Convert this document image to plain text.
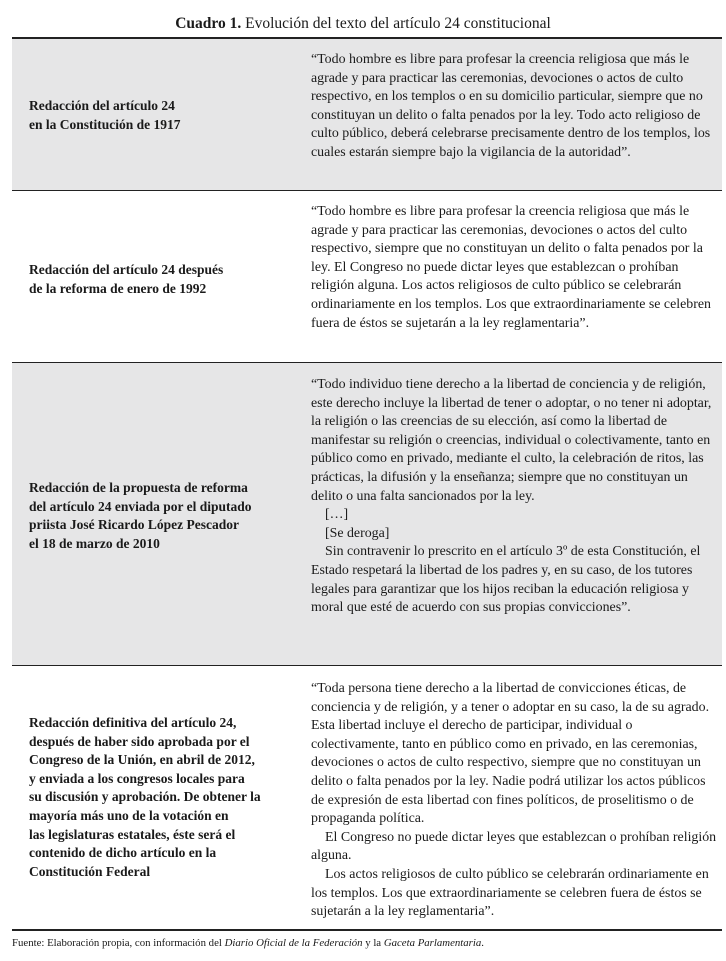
Cuadro 1. Evolución del texto del artículo 24 constitucional
Redacción del artículo 24
en la Constitución de 1917

“Todo hombre es libre para profesar la creencia religiosa que más le agrade y para practicar las ceremonias, devociones o actos de culto respectivo, en los templos o en su domicilio particular, siempre que no constituyan un delito o falta penados por la ley. Todo acto religioso de culto público, deberá celebrarse precisamente dentro de los templos, los cuales estarán siempre bajo la vigilancia de la autoridad”.

Redacción del artículo 24 después
de la reforma de enero de 1992

“Todo hombre es libre para profesar la creencia religiosa que más le agrade y para practicar las ceremonias, devociones o actos del culto respectivo, siempre que no constituyan un delito o falta penados por la ley. El Congreso no puede dictar leyes que establezcan o prohíban religión alguna. Los actos religiosos de culto público se celebrarán ordinariamente en los templos. Los que extraordinariamente se celebren fuera de éstos se sujetarán a la ley reglamentaria”.

Redacción de la propuesta de reforma
del artículo 24 enviada por el diputado
priista José Ricardo López Pescador
el 18 de marzo de 2010

“Todo individuo tiene derecho a la libertad de conciencia y de religión, este derecho incluye la libertad de tener o adoptar, o no tener ni adoptar, la religión o las creencias de su elección, así como la libertad de manifestar su religión o creencias, individual o colectivamente, tanto en público como en privado, mediante el culto, la celebración de ritos, las prácticas, la difusión y la enseñanza; siempre que no constituyan un delito o una falta sancionados por la ley.

[…]

[Se deroga]

Sin contravenir lo prescrito en el artículo 3º de esta Constitución, el Estado respetará la libertad de los padres y, en su caso, de los tutores legales para garantizar que los hijos reciban la educación religiosa y moral que esté de acuerdo con sus propias convicciones”.

Redacción definitiva del artículo 24,
después de haber sido aprobada por el
Congreso de la Unión, en abril de 2012,
y enviada a los congresos locales para
su discusión y aprobación. De obtener la
mayoría más uno de la votación en
las legislaturas estatales, éste será el
contenido de dicho artículo en la
Constitución Federal

“Toda persona tiene derecho a la libertad de convicciones éticas, de conciencia y de religión, y a tener o adoptar en su caso, la de su agrado. Esta libertad incluye el derecho de participar, individual o colectivamente, tanto en público como en privado, en las ceremonias, devociones o actos de culto respectivo, siempre que no constituyan un delito o falta penados por la ley. Nadie podrá utilizar los actos públicos de expresión de esta libertad con fines políticos, de proselitismo o de propaganda política.

El Congreso no puede dictar leyes que establezcan o prohíban religión alguna.

Los actos religiosos de culto público se celebrarán ordinariamente en los templos. Los que extraordinariamente se celebren fuera de éstos se sujetarán a la ley reglamentaria”.

Fuente: Elaboración propia, con información del Diario Oficial de la Federación y la Gaceta Parlamentaria.
